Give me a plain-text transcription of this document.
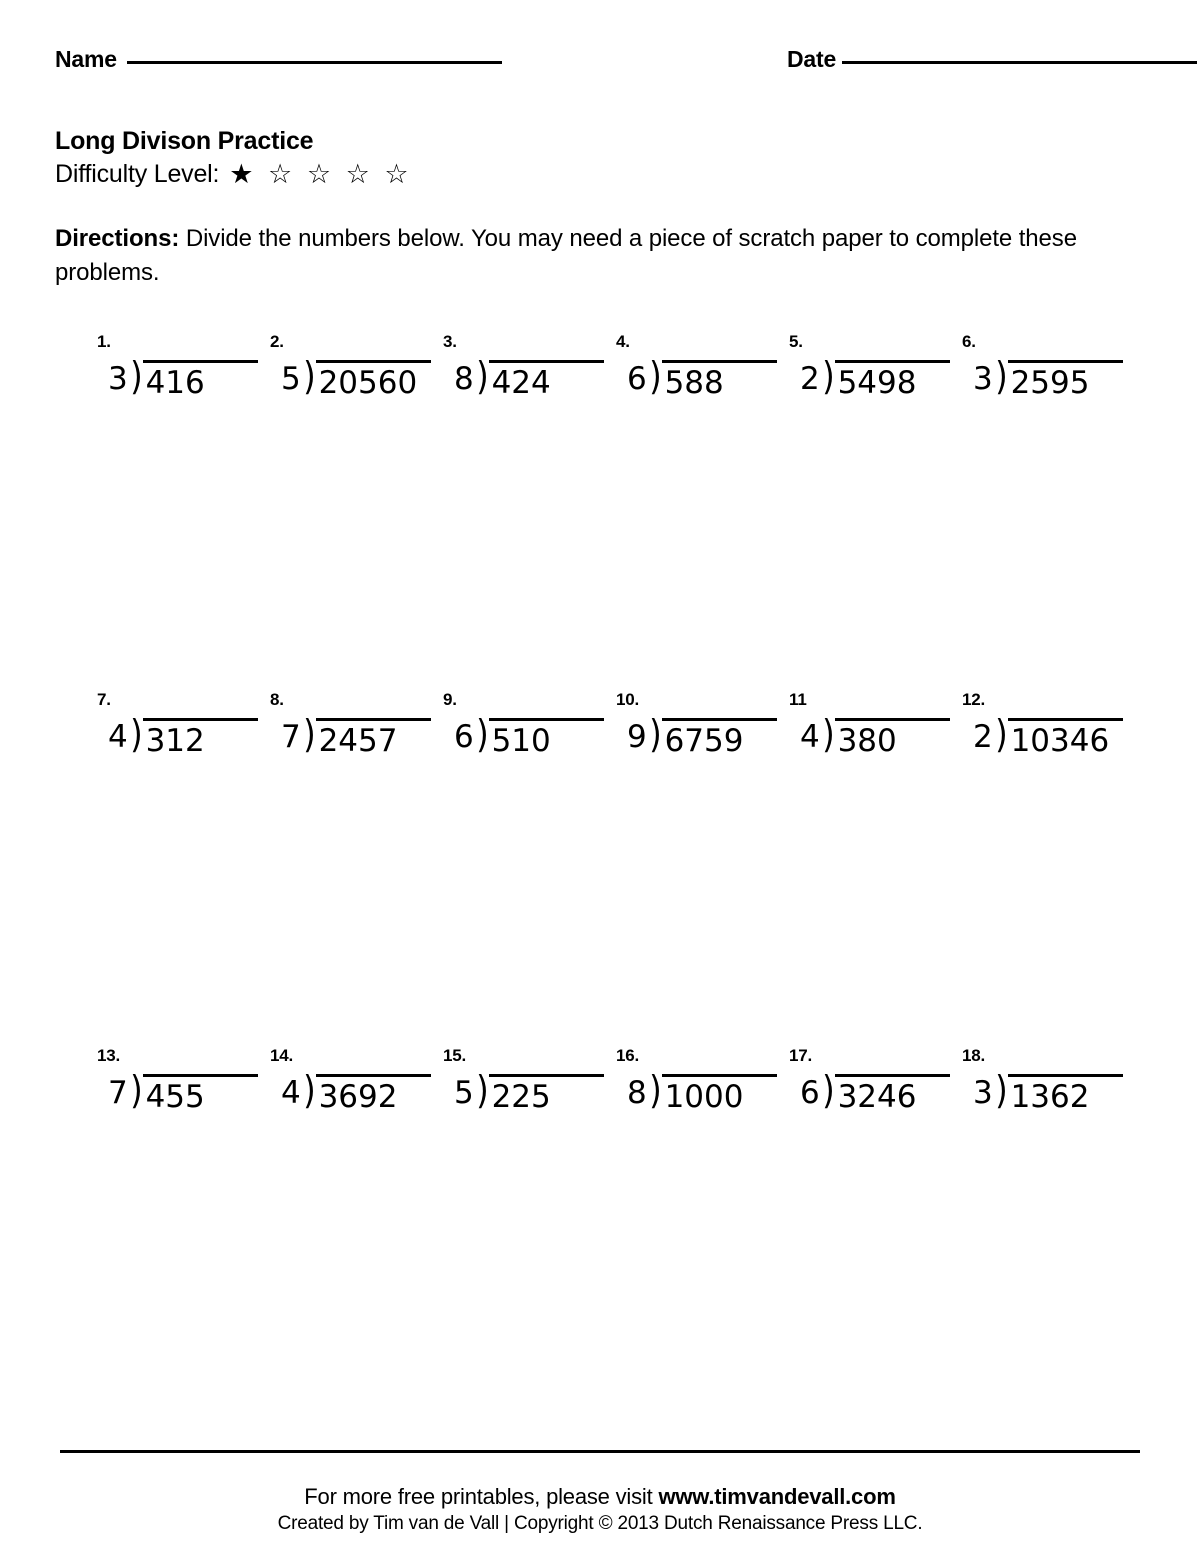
Name	Date
Long Divison Practice
Difficulty Level: ★ ☆ ☆ ☆ ☆
Directions: Divide the numbers below. You may need a piece of scratch paper to complete these problems.
1.
3 ) 416
2.
5 ) 20560
3.
8 ) 424
4.
6 ) 588
5.
2 ) 5498
6.
3 ) 2595
7.
4 ) 312
8.
7 ) 2457
9.
6 ) 510
10.
9 ) 6759
11
4 ) 380
12.
2 ) 10346
13.
7 ) 455
14.
4 ) 3692
15.
5 ) 225
16.
8 ) 1000
17.
6 ) 3246
18.
3 ) 1362
For more free printables, please visit www.timvandevall.com
Created by Tim van de Vall | Copyright © 2013 Dutch Renaissance Press LLC.
